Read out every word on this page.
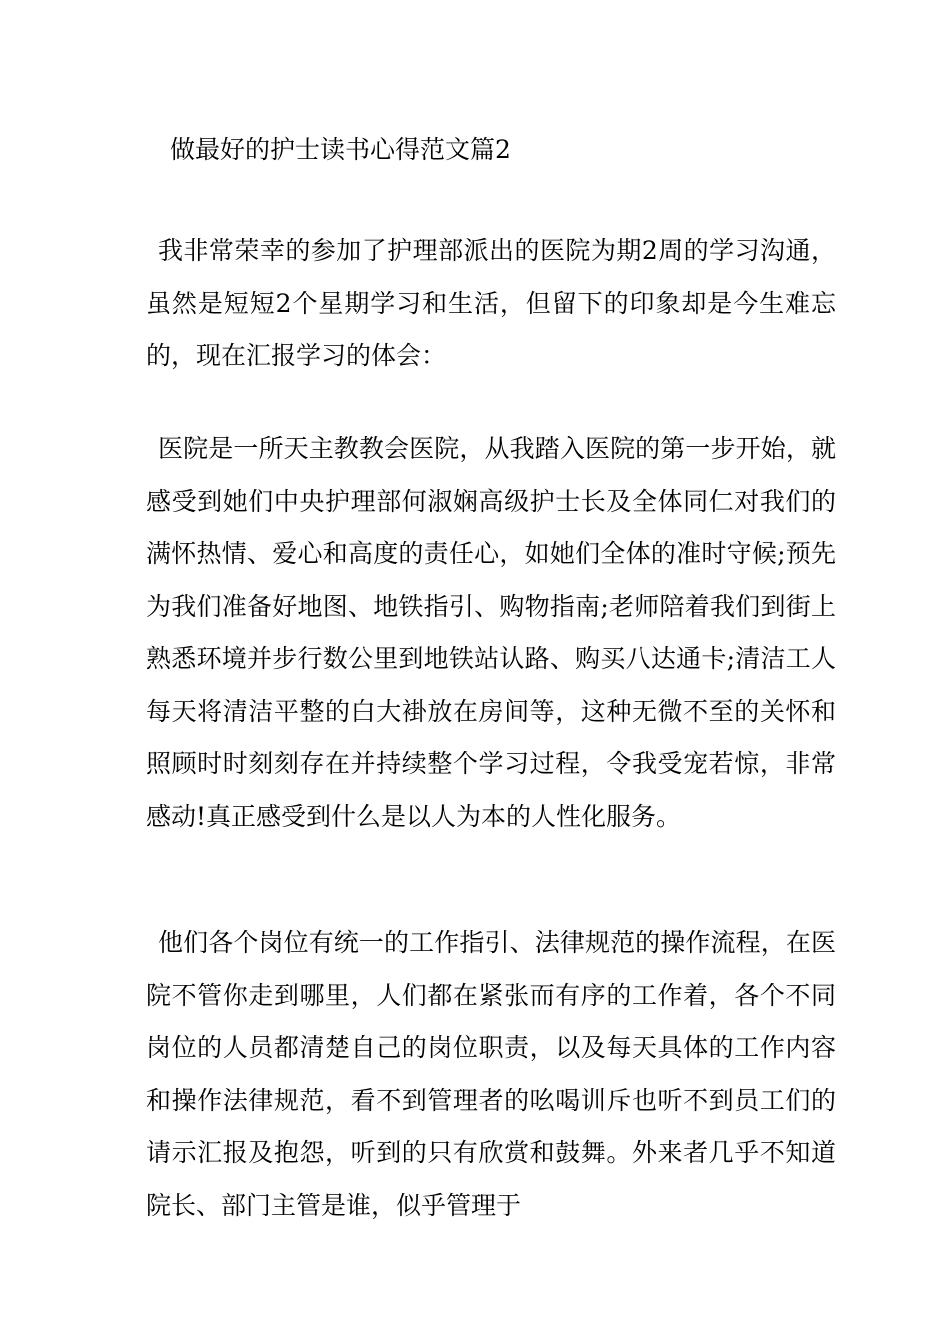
做最好的护士读书心得范文篇2

我非常荣幸的参加了护理部派出的医院为期2周的学习沟通，虽然是短短2个星期学习和生活，但留下的印象却是今生难忘的，现在汇报学习的体会：

医院是一所天主教教会医院，从我踏入医院的第一步开始，就感受到她们中央护理部何淑娴高级护士长及全体同仁对我们的满怀热情、爱心和高度的责任心，如她们全体的准时守候;预先为我们准备好地图、地铁指引、购物指南;老师陪着我们到街上熟悉环境并步行数公里到地铁站认路、购买八达通卡;清洁工人每天将清洁平整的白大褂放在房间等，这种无微不至的关怀和照顾时时刻刻存在并持续整个学习过程，令我受宠若惊，非常感动!真正感受到什么是以人为本的人性化服务。

他们各个岗位有统一的工作指引、法律规范的操作流程，在医院不管你走到哪里，人们都在紧张而有序的工作着，各个不同岗位的人员都清楚自己的岗位职责，以及每天具体的工作内容和操作法律规范，看不到管理者的吆喝训斥也听不到员工们的请示汇报及抱怨，听到的只有欣赏和鼓舞。外来者几乎不知道院长、部门主管是谁，似乎管理于
